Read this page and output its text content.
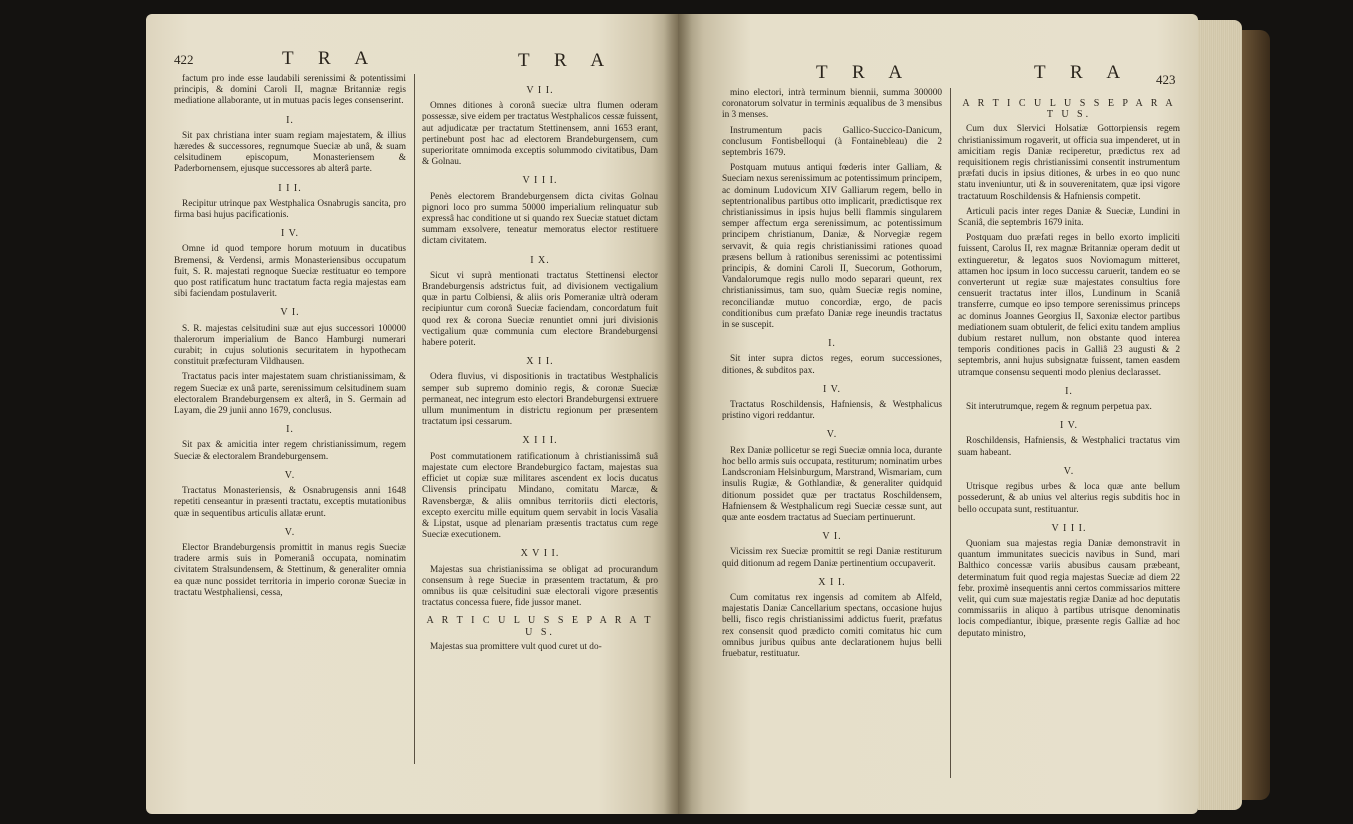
422	T R A	T R A

factum pro inde esse laudabili serenissimi & potentissimi principis, & domini Caroli II, magnæ Britanniæ regis mediatione allaborante, ut in mutuas pacis leges consenserint.

I.

Sit pax christiana inter suam regiam majestatem, & illius hæredes & successores, regnumque Sueciæ ab unâ, & suam celsitudinem episcopum, Monasteriensem & Paderbornensem, ejusque successores ab alterâ parte.

I I I.

Recipitur utrinque pax Westphalica Osnabrugis sancita, pro firma basi hujus pacificationis.

I V.

Omne id quod tempore horum motuum in ducatibus Bremensi, & Verdensi, armis Monasteriensibus occupatum fuit, S. R. majestati regnoque Sueciæ restituatur eo tempore quo post ratificatum hunc tractatum facta regia majestas eam sibi faciendam postulaverit.

V I.

S. R. majestas celsitudini suæ aut ejus successori 100000 thalerorum imperialium de Banco Hamburgi numerari curabit; in cujus solutionis securitatem in hypothecam constituit præfecturam Vildhausen.

Tractatus pacis inter majestatem suam christianissimam, & regem Sueciæ ex unâ parte, serenissimum celsitudinem suam electoralem Brandeburgensem ex alterâ, in S. Germain ad Layam, die 29 junii anno 1679, conclusus.

I.

Sit pax & amicitia inter regem christianissimum, regem Sueciæ & electoralem Brandeburgensem.

V.

Tractatus Monasteriensis, & Osnabrugensis anni 1648 repetiti censeantur in præsenti tractatu, exceptis mutationibus quæ in sequentibus articulis allatæ erunt.

V.

Elector Brandeburgensis promittit in manus regis Sueciæ tradere armis suis in Pomeraniâ occupata, nominatim civitatem Stralsundensem, & Stettinum, & generaliter omnia ea quæ nunc possidet territoria in imperio coronæ Sueciæ in tractatu Westphaliensi, cessa,

V I I.

Omnes ditiones à coronâ sueciæ ultra flumen oderam possessæ, sive eidem per tractatus Westphalicos cessæ fuissent, aut adjudicatæ per tractatum Stettinensem, anni 1653 erant, pertinebunt post hac ad electorem Brandeburgensem, cum superioritate omnimoda exceptis solummodo civitatibus, Dam & Golnau.

V I I I.

Penès electorem Brandeburgensem dicta civitas Golnau pignori loco pro summa 50000 imperialium relinquatur sub expressâ hac conditione ut si quando rex Sueciæ statuet dictam summam exsolvere, teneatur memoratus elector restituere dictam civitatem.

I X.

Sicut vi suprà mentionati tractatus Stettinensi elector Brandeburgensis adstrictus fuit, ad divisionem vectigalium quæ in partu Colbiensi, & aliis oris Pomeraniæ ultrà oderam recipiuntur cum coronâ Sueciæ faciendam, concordatum fuit quod rex & corona Sueciæ renuntiet omni juri divisionis vectigalium quæ communia cum electore Brandeburgensi habere poterit.

X I I.

Odera fluvius, vi dispositionis in tractatibus Westphalicis semper sub supremo dominio regis, & coronæ Sueciæ permaneat, nec integrum esto electori Brandeburgensi extruere ullum munimentum in districtu regionum per præsentem tractatum ipsi cessarum.

X I I I.

Post commutationem ratificationum à christianissimâ suâ majestate cum electore Brandeburgico factam, majestas sua efficiet ut copiæ suæ militares ascendent ex locis ducatus Clivensis principatu Mindano, comitatu Marcæ, & Ravensbergæ, & aliis omnibus territoriis dicti electoris, excepto exercitu mille equitum quem servabit in locis Vasalia & Lipstat, usque ad plenariam præsentis tractatus cum rege Sueciæ executionem.

X V I I.

Majestas sua christianissima se obligat ad procurandum consensum à rege Sueciæ in præsentem tractatum, & pro omnibus iis quæ celsitudini suæ electorali vigore præsentis tractatus concessa fuere, fide jussor manet.

A R T I C U L U S S E P A R A T U S.

Majestas sua promittere vult quod curet ut do-

T R A	T R A 423

mino electori, intrà terminum biennii, summa 300000 coronatorum solvatur in terminis æqualibus de 3 mensibus in 3 menses.

Instrumentum pacis Gallico-Succico-Danicum, conclusum Fontisbelloqui (à Fontainebleau) die 2 septembris 1679.

Postquam mutuus antiqui fœderis inter Galliam, & Sueciam nexus serenissimum ac potentissimum principem, ac dominum Ludovicum XIV Galliarum regem, bello in septentrionalibus partibus otto implicarit, prædictisque rex christianissimus in ipsis hujus belli flammis singularem semper affectum erga serenissimum, ac potentissimum principem christianum, Daniæ, & Norvegiæ regem servavit, & quia regis christianissimi rationes quoad præsens bellum à rationibus serenissimi ac potentissimi principis, & domini Caroli II, Suecorum, Gothorum, Vandalorumque regis nullo modo separari queunt, rex christianissimus, tam suo, quàm Sueciæ regis nomine, reconciliandæ mutuo concordiæ, ergo, de pacis conditionibus cum præfato Daniæ rege ineundis tractatus in se suscepit.

I.

Sit inter supra dictos reges, eorum successiones, ditiones, & subditos pax.

I V.

Tractatus Roschildensis, Hafniensis, & Westphalicus pristino vigori reddantur.

V.

Rex Daniæ pollicetur se regi Sueciæ omnia loca, durante hoc bello armis suis occupata, restiturum; nominatim urbes Landscroniam Helsinburgum, Marstrand, Wismariam, cum insulis Rugiæ, & Gothlandiæ, & generaliter quidquid ditionum possidet quæ per tractatus Roschildensem, Hafniensem & Westphalicum regi Sueciæ cessæ sunt, aut quæ ante eosdem tractatus ad Sueciam pertinuerunt.

V I.

Vicissim rex Sueciæ promittit se regi Daniæ restiturum quid ditionum ad regem Daniæ pertinentium occupaverit.

X I I.

Cum comitatus rex ingensis ad comitem ab Alfeld, majestatis Daniæ Cancellarium spectans, occasione hujus belli, fisco regis christianissimi addictus fuerit, præfatus rex consensit quod prædicto comiti comitatus hic cum omnibus juribus quibus ante declarationem hujus belli fruebatur, restituatur.

A R T I C U L U S S E P A R A T U S.

Cum dux Slervici Holsatiæ Gottorpiensis regem christianissimum rogaverit, ut officia sua impenderet, ut in amicitiam regis Daniæ reciperetur, prædictus rex ad requisitionem regis christianissimi consentit instrumentum præfati ducis in ipsius ditiones, & urbes in eo quo nunc statu inveniuntur, uti & in souverenitatem, quæ ipsi vigore tractatuum Roschildensis & Hafniensis competit.

Articuli pacis inter reges Daniæ & Sueciæ, Lundini in Scaniâ, die septembris 1679 inita.

Postquam duo præfati reges in bello exorto impliciti fuissent, Carolus II, rex magnæ Britanniæ operam dedit ut extingueretur, & legatos suos Noviomagum mitteret, attamen hoc ipsum in loco successu caruerit, tandem eo se converterunt ut regiæ suæ majestates consultius fore censuerit tractatus inter illos, Lundinum in Scaniâ transferre, cumque eo ipso tempore serenissimus princeps ac dominus Joannes Georgius II, Saxoniæ elector partibus mediationem suam obtulerit, de felici exitu tandem amplius dubium restaret nullum, non obstante quod interea temporis conditiones pacis in Galliâ 23 augusti & 2 septembris, anni hujus subsignatæ fuissent, tamen easdem utramque consensu sequenti modo plenius declarasset.

I.

Sit interutrumque, regem & regnum perpetua pax.

I V.

Roschildensis, Hafniensis, & Westphalici tractatus vim suam habeant.

V.

Utrisque regibus urbes & loca quæ ante bellum possederunt, & ab unius vel alterius regis subditis hoc in bello occupata sunt, restituantur.

V I I I.

Quoniam sua majestas regia Daniæ demonstravit in quantum immunitates suecicis navibus in Sund, mari Balthico concessæ variis abusibus causam præbeant, determinatum fuit quod regia majestas Sueciæ ad diem 22 febr. proximè insequentis anni certos commissarios mittere velit, qui cum suæ majestatis regiæ Daniæ ad hoc deputatis commissariis in aliquo à partibus utrisque denominatis locis compediantur, ibique, præsente regis Galliæ ad hoc deputato ministro,
